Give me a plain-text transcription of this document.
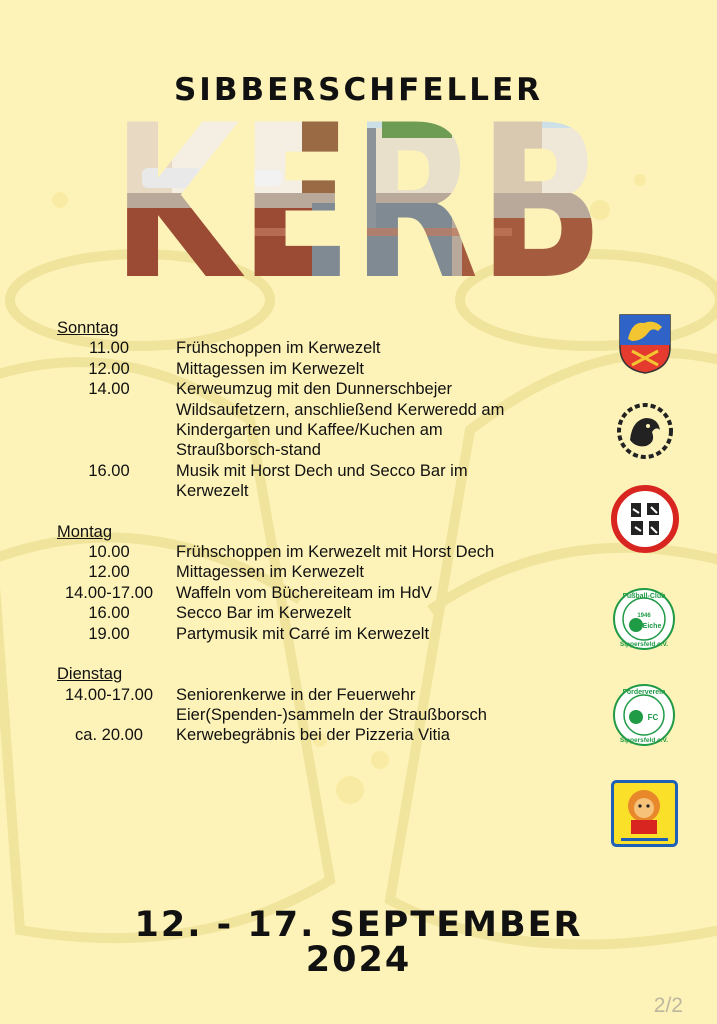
SIBBERSCHFELLER
Sonntag
11.00	Frühschoppen im Kerwezelt
12.00	Mittagessen im Kerwezelt
14.00	Kerweumzug mit den Dunnerschbejer
Wildsaufetzern, anschließend Kerweredd am
Kindergarten und Kaffee/Kuchen am
Straußborsch-stand
16.00	Musik mit Horst Dech und Secco Bar im
Kerwezelt
Montag
10.00	Frühschoppen im Kerwezelt mit Horst Dech
12.00	Mittagessen im Kerwezelt
14.00-17.00	Waffeln vom Büchereiteam im HdV
16.00	Secco Bar im Kerwezelt
19.00	Partymusik mit Carré im Kerwezelt
Dienstag
14.00-17.00	Seniorenkerwe in der Feuerwehr
Eier(Spenden-)sammeln der Straußborsch
ca. 20.00	Kerwebegräbnis bei der Pizzeria Vitia
Fußball-Club
1946
Eiche
Sippersfeld e.V.
Förderverein
FC
Sippersfeld e.V.
12. - 17. SEPTEMBER
2024
2/2
